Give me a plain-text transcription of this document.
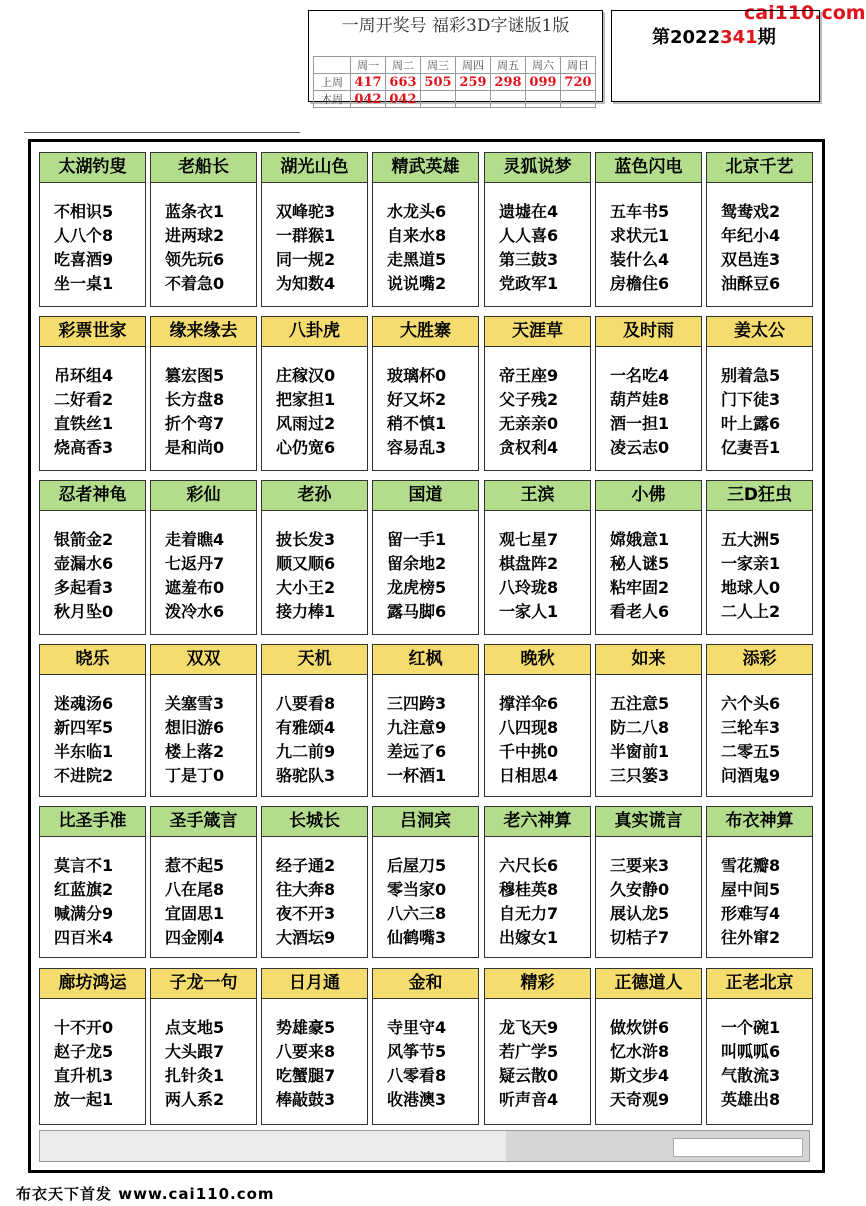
cai110.com
一周开奖号 福彩3D字谜版1版
	周一	周二	周三	周四	周五	周六	周日
上周	417	663	505	259	298	099	720
本周	042	042					
第2022341期
太湖钓叟
不相识5
人八个8
吃喜酒9
坐一桌1
老船长
蓝条衣1
进两球2
领先玩6
不着急0
湖光山色
双峰驼3
一群猴1
同一规2
为知数4
精武英雄
水龙头6
自来水8
走黑道5
说说嘴2
灵狐说梦
遗墟在4
人人喜6
第三鼓3
党政军1
蓝色闪电
五车书5
求状元1
装什么4
房檐住6
北京千艺
鸳鸯戏2
年纪小4
双邑连3
油酥豆6
彩票世家
吊环组4
二好看2
直铁丝1
烧高香3
缘来缘去
篡宏图5
长方盘8
折个弯7
是和尚0
八卦虎
庄稼汉0
把家担1
风雨过2
心仍宽6
大胜寨
玻璃杯0
好又坏2
稍不慎1
容易乱3
天涯草
帝王座9
父子残2
无亲亲0
贪权利4
及时雨
一名吃4
葫芦娃8
酒一担1
凌云志0
姜太公
别着急5
门下徒3
叶上露6
亿妻吾1
忍者神龟
银箭金2
壶漏水6
多起看3
秋月坠0
彩仙
走着瞧4
七返丹7
遮羞布0
泼冷水6
老孙
披长发3
顺又顺6
大小王2
接力棒1
国道
留一手1
留余地2
龙虎榜5
露马脚6
王滨
观七星7
棋盘阵2
八玲珑8
一家人1
小佛
嫦娥意1
秘人谜5
粘牢固2
看老人6
三D狂虫
五大洲5
一家亲1
地球人0
二人上2
晓乐
迷魂汤6
新四军5
半东临1
不进院2
双双
关塞雪3
想旧游6
楼上落2
丁是丁0
天机
八要看8
有雅颂4
九二前9
骆驼队3
红枫
三四跨3
九注意9
差远了6
一杯酒1
晚秋
撑洋伞6
八四现8
千中挑0
日相思4
如来
五注意5
防二八8
半窗前1
三只篓3
添彩
六个头6
三轮车3
二零五5
问酒鬼9
比圣手准
莫言不1
红蓝旗2
喊满分9
四百米4
圣手箴言
惹不起5
八在尾8
宜固思1
四金刚4
长城长
经子通2
往大奔8
夜不开3
大酒坛9
吕洞宾
后屋刀5
零当家0
八六三8
仙鹤嘴3
老六神算
六尺长6
穆桂英8
自无力7
出嫁女1
真实谎言
三要来3
久安静0
展认龙5
切桔子7
布衣神算
雪花瓣8
屋中间5
形难写4
往外窜2
廊坊鸿运
十不开0
赵子龙5
直升机3
放一起1
子龙一句
点支地5
大头跟7
扎针灸1
两人系2
日月通
势雄豪5
八要来8
吃蟹腿7
棒敲鼓3
金和
寺里守4
风筝节5
八零看8
收港澳3
精彩
龙飞天9
若广学5
疑云散0
听声音4
正德道人
做炊饼6
忆水浒8
斯文步4
天奇观9
正老北京
一个碗1
叫呱呱6
气散流3
英雄出8
布衣天下首发 www.cai110.com
